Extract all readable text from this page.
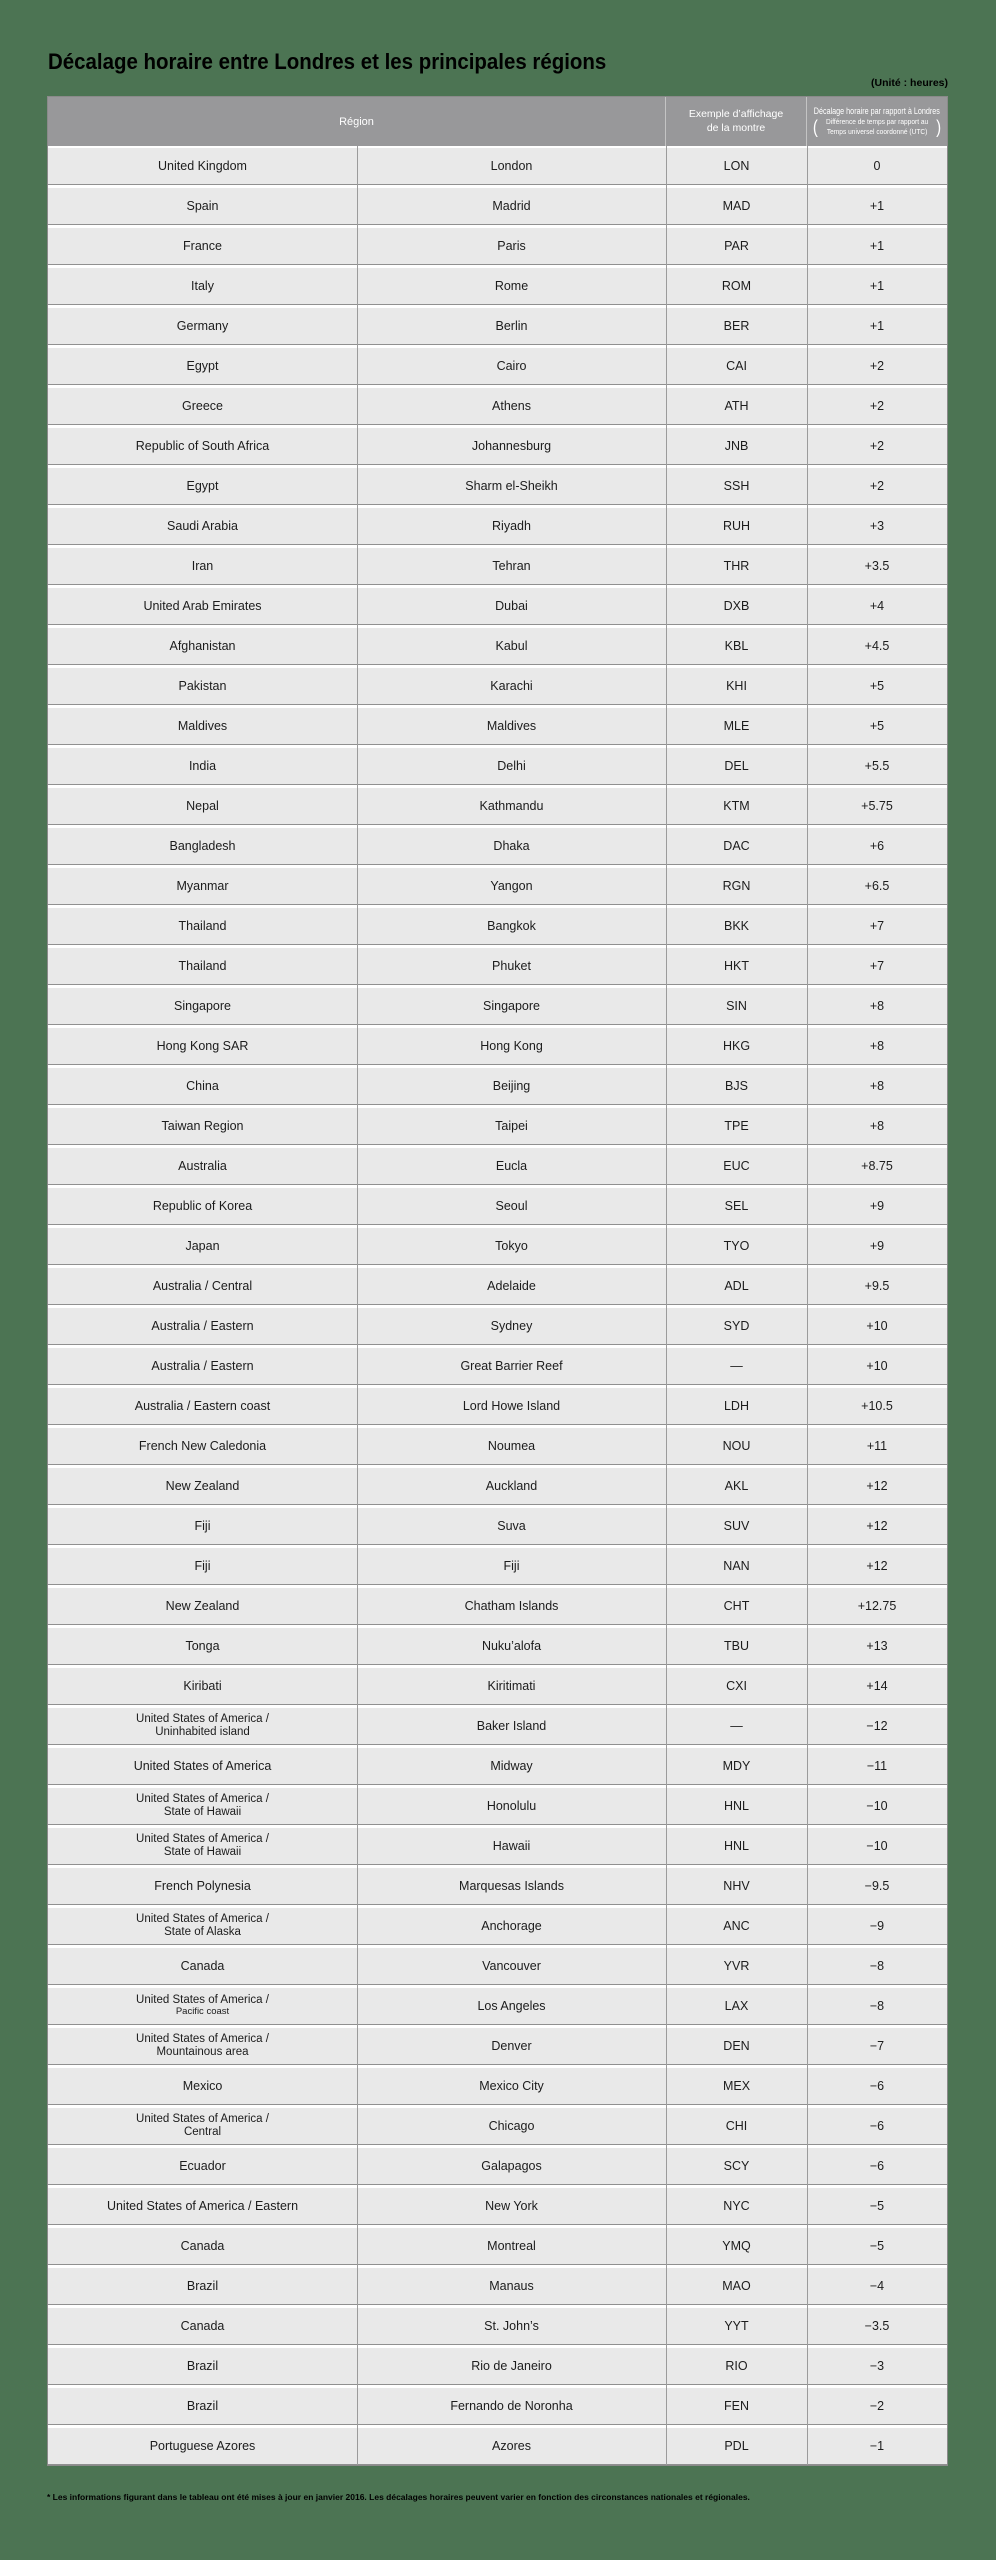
Décalage horaire entre Londres et les principales régions
(Unité : heures)
Région
Exemple d’affichage
de la montre
Décalage horaire par rapport à Londres
( Différence de temps par rapport au
Temps universel coordonné (UTC) )
United Kingdom	London	LON	0
Spain	Madrid	MAD	+1
France	Paris	PAR	+1
Italy	Rome	ROM	+1
Germany	Berlin	BER	+1
Egypt	Cairo	CAI	+2
Greece	Athens	ATH	+2
Republic of South Africa	Johannesburg	JNB	+2
Egypt	Sharm el-Sheikh	SSH	+2
Saudi Arabia	Riyadh	RUH	+3
Iran	Tehran	THR	+3.5
United Arab Emirates	Dubai	DXB	+4
Afghanistan	Kabul	KBL	+4.5
Pakistan	Karachi	KHI	+5
Maldives	Maldives	MLE	+5
India	Delhi	DEL	+5.5
Nepal	Kathmandu	KTM	+5.75
Bangladesh	Dhaka	DAC	+6
Myanmar	Yangon	RGN	+6.5
Thailand	Bangkok	BKK	+7
Thailand	Phuket	HKT	+7
Singapore	Singapore	SIN	+8
Hong Kong SAR	Hong Kong	HKG	+8
China	Beijing	BJS	+8
Taiwan Region	Taipei	TPE	+8
Australia	Eucla	EUC	+8.75
Republic of Korea	Seoul	SEL	+9
Japan	Tokyo	TYO	+9
Australia / Central	Adelaide	ADL	+9.5
Australia / Eastern	Sydney	SYD	+10
Australia / Eastern	Great Barrier Reef	—	+10
Australia / Eastern coast	Lord Howe Island	LDH	+10.5
French New Caledonia	Noumea	NOU	+11
New Zealand	Auckland	AKL	+12
Fiji	Suva	SUV	+12
Fiji	Fiji	NAN	+12
New Zealand	Chatham Islands	CHT	+12.75
Tonga	Nuku’alofa	TBU	+13
Kiribati	Kiritimati	CXI	+14
United States of America /
Uninhabited island	Baker Island	—	−12
United States of America	Midway	MDY	−11
United States of America /
State of Hawaii	Honolulu	HNL	−10
United States of America /
State of Hawaii	Hawaii	HNL	−10
French Polynesia	Marquesas Islands	NHV	−9.5
United States of America /
State of Alaska	Anchorage	ANC	−9
Canada	Vancouver	YVR	−8
United States of America /
Pacific coast	Los Angeles	LAX	−8
United States of America /
Mountainous area	Denver	DEN	−7
Mexico	Mexico City	MEX	−6
United States of America /
Central	Chicago	CHI	−6
Ecuador	Galapagos	SCY	−6
United States of America / Eastern	New York	NYC	−5
Canada	Montreal	YMQ	−5
Brazil	Manaus	MAO	−4
Canada	St. John’s	YYT	−3.5
Brazil	Rio de Janeiro	RIO	−3
Brazil	Fernando de Noronha	FEN	−2
Portuguese Azores	Azores	PDL	−1
* Les informations figurant dans le tableau ont été mises à jour en janvier 2016. Les décalages horaires peuvent varier en fonction des circonstances nationales et régionales.
